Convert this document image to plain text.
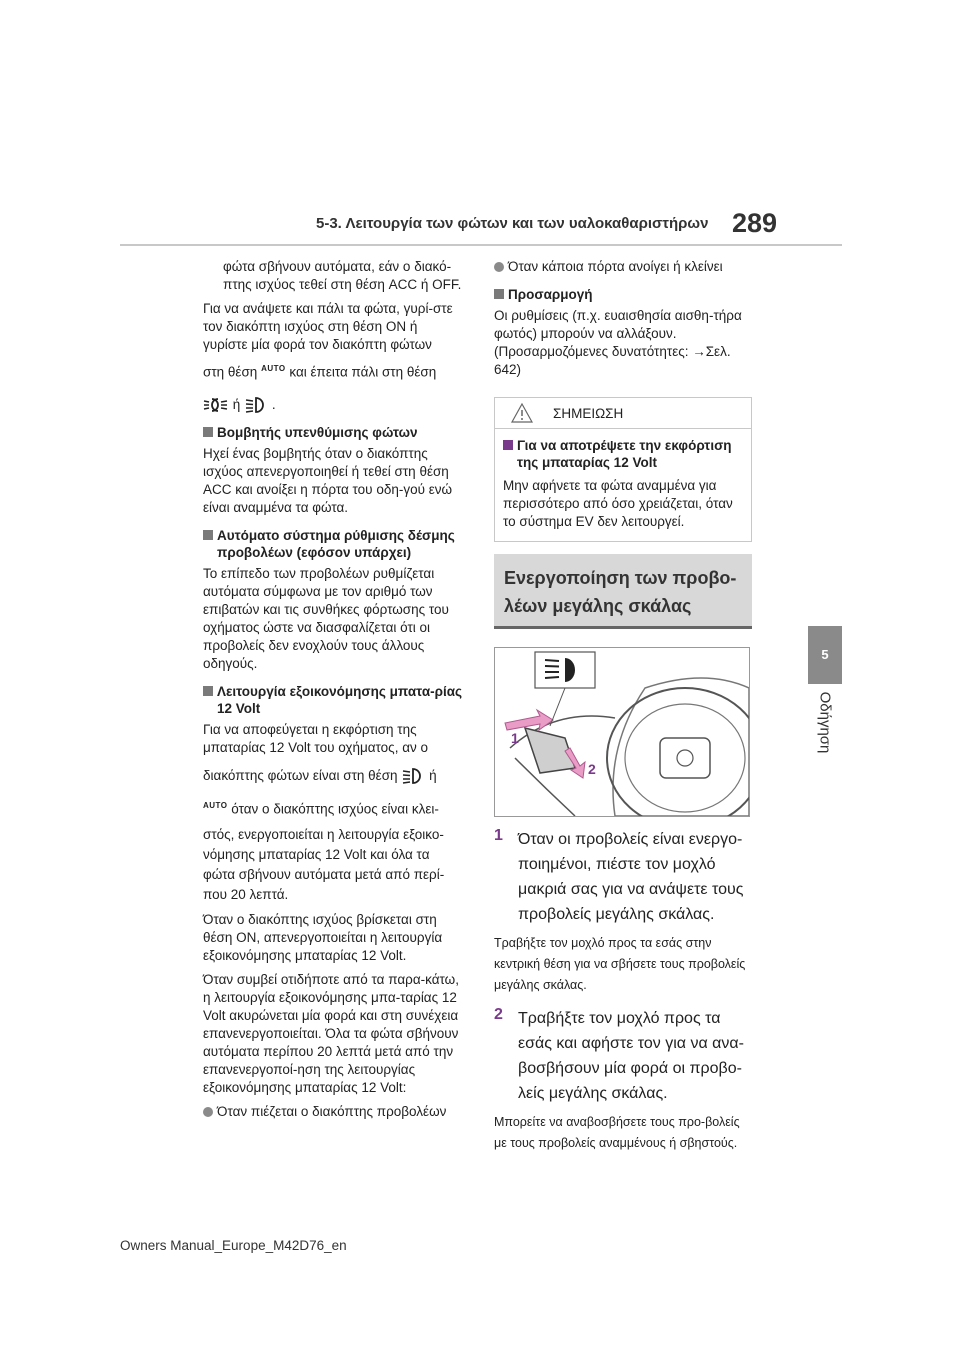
5-3. Λειτουργία των φώτων και των υαλοκαθαριστήρων 289
5
Οδήγηση

φώτα σβήνουν αυτόματα, εάν ο διακό-πτης ισχύος τεθεί στη θέση ACC ή OFF.

Για να ανάψετε και πάλι τα φώτα, γυρί-στε τον διακόπτη ισχύος στη θέση ON ή γυρίστε μία φορά τον διακόπτη φώτων

στη θέση $^{AUTO}$ και έπειτα πάλι στη θέση

ή .

Βομβητής υπενθύμισης φώτων

Ηχεί ένας βομβητής όταν ο διακόπτης ισχύος απενεργοποιηθεί ή τεθεί στη θέση ACC και ανοίξει η πόρτα του οδη-γού ενώ είναι αναμμένα τα φώτα.

Αυτόματο σύστημα ρύθμισης δέσμης προβολέων (εφόσον υπάρχει)

Το επίπεδο των προβολέων ρυθμίζεται αυτόματα σύμφωνα με τον αριθμό των επιβατών και τις συνθήκες φόρτωσης του οχήματος ώστε να διασφαλίζεται ότι οι προβολείς δεν ενοχλούν τους άλλους οδηγούς.

Λειτουργία εξοικονόμησης μπατα-ρίας 12 Volt

Για να αποφεύγεται η εκφόρτιση της μπαταρίας 12 Volt του οχήματος, αν ο

διακόπτης φώτων είναι στη θέση ή

$^{AUTO}$ όταν ο διακόπτης ισχύος είναι κλει-

στός, ενεργοποιείται η λειτουργία εξοικο-νόμησης μπαταρίας 12 Volt και όλα τα φώτα σβήνουν αυτόματα μετά από περί-που 20 λεπτά.

Όταν ο διακόπτης ισχύος βρίσκεται στη θέση ON, απενεργοποιείται η λειτουργία εξοικονόμησης μπαταρίας 12 Volt.

Όταν συμβεί οτιδήποτε από τα παρα-κάτω, η λειτουργία εξοικονόμησης μπα-ταρίας 12 Volt ακυρώνεται μία φορά και στη συνέχεια επανενεργοποιείται. Όλα τα φώτα σβήνουν αυτόματα περίπου 20 λεπτά μετά από την επανενεργοποί-ηση της λειτουργίας εξοικονόμησης μπαταρίας 12 Volt:

Όταν πιέζεται ο διακόπτης προβολέων

Όταν κάποια πόρτα ανοίγει ή κλείνει

Προσαρμογή

Οι ρυθμίσεις (π.χ. ευαισθησία αισθη-τήρα φωτός) μπορούν να αλλάξουν. (Προσαρμοζόμενες δυνατότητες: →Σελ. 642)

ΣΗΜΕΙΩΣΗ
Για να αποτρέψετε την εκφόρτιση της μπαταρίας 12 Volt

Μην αφήνετε τα φώτα αναμμένα για περισσότερο από όσο χρειάζεται, όταν το σύστημα EV δεν λειτουργεί.

Ενεργοποίηση των προβο-λέων μεγάλης σκάλας
1
2
1 Όταν οι προβολείς είναι ενεργο-ποιημένοι, πιέστε τον μοχλό μακριά σας για να ανάψετε τους προβολείς μεγάλης σκάλας.

Τραβήξτε τον μοχλό προς τα εσάς στην κεντρική θέση για να σβήσετε τους προβολείς μεγάλης σκάλας.

2 Τραβήξτε τον μοχλό προς τα εσάς και αφήστε τον για να ανα-βοσβήσουν μία φορά οι προβο-λείς μεγάλης σκάλας.

Μπορείτε να αναβοσβήσετε τους προ-βολείς με τους προβολείς αναμμένους ή σβηστούς.

Owners Manual_Europe_M42D76_en
